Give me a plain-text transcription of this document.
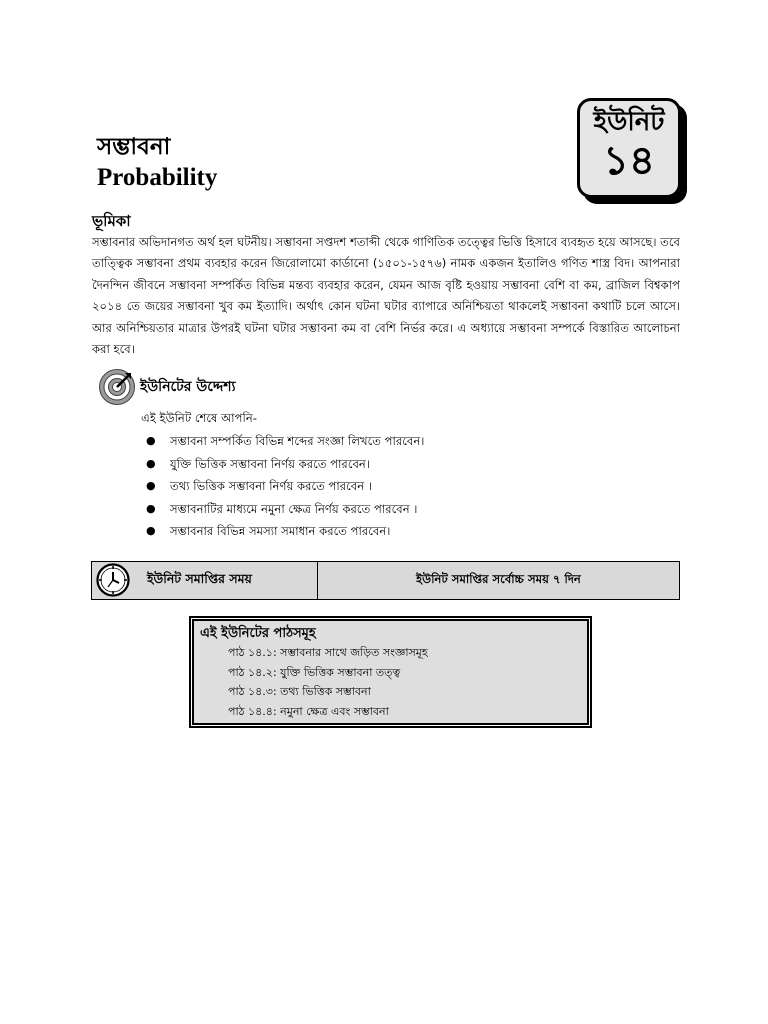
ইউনিট
১৪
সম্ভাবনা
Probability
ভূমিকা
সম্ভাবনার অভিদানগত অর্থ হল ঘটনীয়। সম্ভাবনা সপ্তদশ শতাব্দী থেকে গাণিতিক তত্ত্বের ভিত্তি হিসাবে ব্যবহৃত হয়ে আসছে। তবে তাত্ত্বিক সম্ভাবনা প্রথম ব্যবহার করেন জিরোলামো কার্ডানো (১৫০১-১৫৭৬) নামক একজন ইতালিও গণিত শাস্ত্র বিদ। আপনারা দৈনন্দিন জীবনে সম্ভাবনা সম্পর্কিত বিভিন্ন মন্তব্য ব্যবহার করেন, যেমন আজ বৃষ্টি হওয়ায় সম্ভাবনা বেশি বা কম, ব্রাজিল বিশ্বকাপ ২০১৪ তে জয়ের সম্ভাবনা খুব কম ইত্যাদি। অর্থাৎ কোন ঘটনা ঘটার ব্যাপারে অনিশ্চিয়তা থাকলেই সম্ভাবনা কথাটি চলে আসে। আর অনিশ্চিয়তার মাত্রার উপরই ঘটনা ঘটার সম্ভাবনা কম বা বেশি নির্ভর করে। এ অধ্যায়ে সম্ভাবনা সম্পর্কে বিস্তারিত আলোচনা করা হবে।
ইউনিটের উদ্দেশ্য
এই ইউনিট শেষে আপনি-
● সম্ভাবনা সম্পর্কিত বিভিন্ন শব্দের সংজ্ঞা লিখতে পারবেন।
● যুক্তি ভিত্তিক সম্ভাবনা নির্ণয় করতে পারবেন।
● তথ্য ভিত্তিক সম্ভাবনা নির্ণয় করতে পারবেন ।
● সম্ভাবনাটির মাধ্যমে নমুনা ক্ষেত্র নির্ণয় করতে পারবেন ।
● সম্ভাবনার বিভিন্ন সমস্যা সমাধান করতে পারবেন।
ইউনিট সমাপ্তির সময়	ইউনিট সমাপ্তির সর্বোচ্চ সময় ৭ দিন
এই ইউনিটের পাঠসমূহ
পাঠ ১৪.১: সম্ভাবনার সাথে জড়িত সংজ্ঞাসমূহ
পাঠ ১৪.২: যুক্তি ভিত্তিক সম্ভাবনা তত্ত্ব
পাঠ ১৪.৩: তথ্য ভিত্তিক সম্ভাবনা
পাঠ ১৪.৪: নমুনা ক্ষেত্র এবং সম্ভাবনা
